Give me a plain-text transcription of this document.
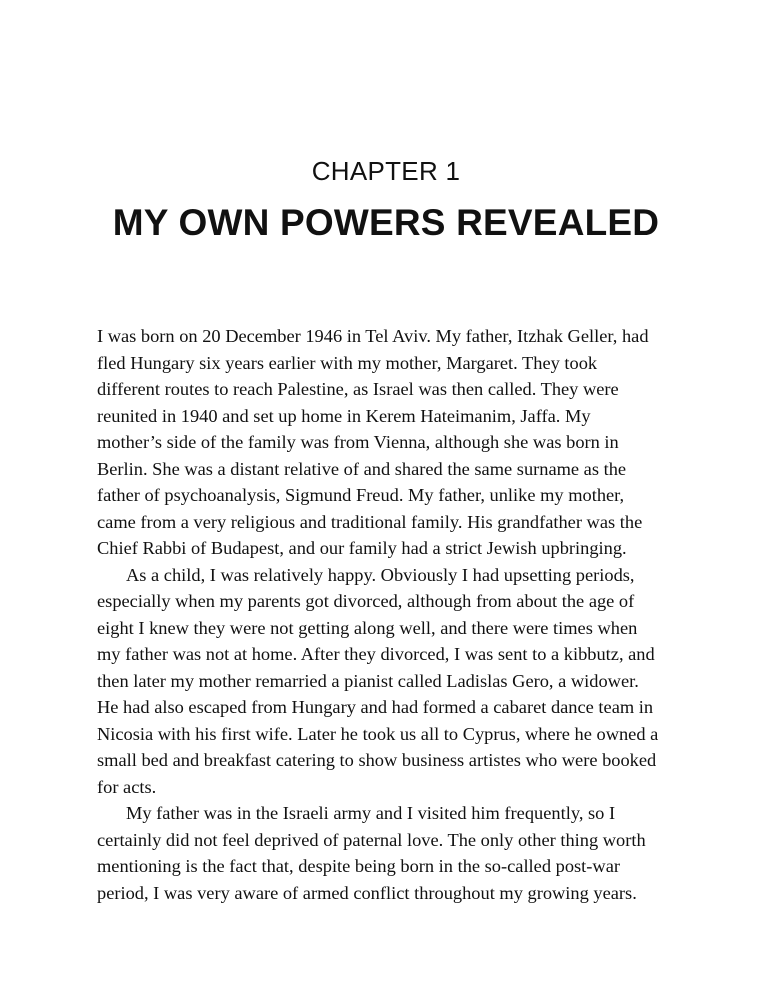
CHAPTER 1
MY OWN POWERS REVEALED
I was born on 20 December 1946 in Tel Aviv. My father, Itzhak Geller, had
fled Hungary six years earlier with my mother, Margaret. They took
different routes to reach Palestine, as Israel was then called. They were
reunited in 1940 and set up home in Kerem Hateimanim, Jaffa. My
mother’s side of the family was from Vienna, although she was born in
Berlin. She was a distant relative of and shared the same surname as the
father of psychoanalysis, Sigmund Freud. My father, unlike my mother,
came from a very religious and traditional family. His grandfather was the
Chief Rabbi of Budapest, and our family had a strict Jewish upbringing.
As a child, I was relatively happy. Obviously I had upsetting periods,
especially when my parents got divorced, although from about the age of
eight I knew they were not getting along well, and there were times when
my father was not at home. After they divorced, I was sent to a kibbutz, and
then later my mother remarried a pianist called Ladislas Gero, a widower.
He had also escaped from Hungary and had formed a cabaret dance team in
Nicosia with his first wife. Later he took us all to Cyprus, where he owned a
small bed and breakfast catering to show business artistes who were booked
for acts.
My father was in the Israeli army and I visited him frequently, so I
certainly did not feel deprived of paternal love. The only other thing worth
mentioning is the fact that, despite being born in the so-called post-war
period, I was very aware of armed conflict throughout my growing years.
